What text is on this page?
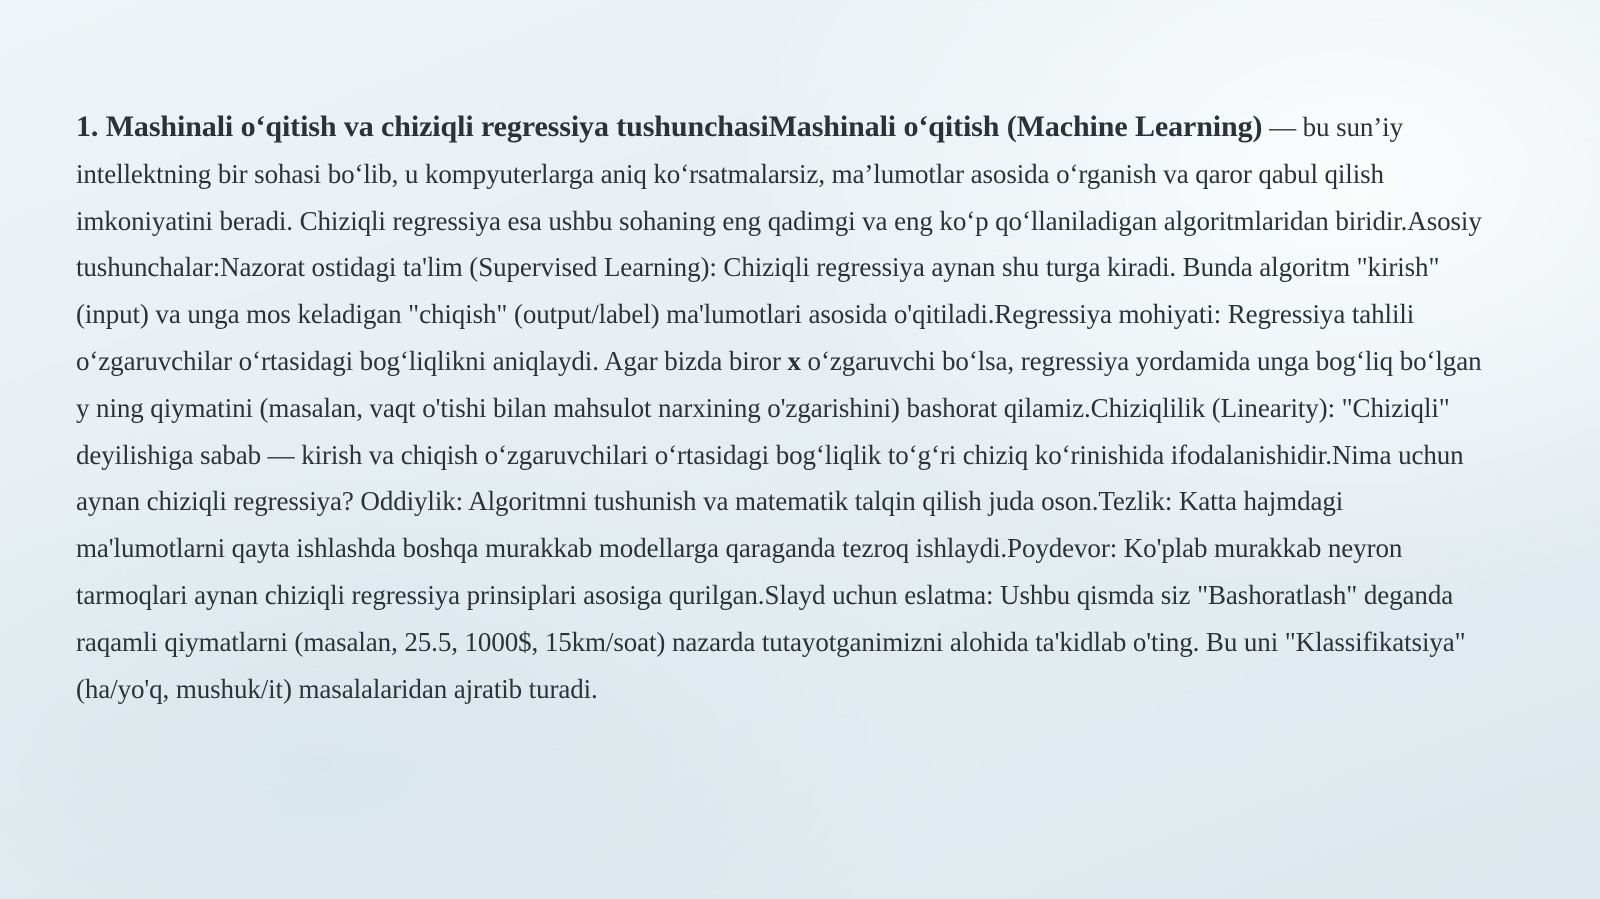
1. Mashinali o‘qitish va chiziqli regressiya tushunchasiMashinali o‘qitish (Machine Learning) — bu sun’iy intellektning bir sohasi bo‘lib, u kompyuterlarga aniq ko‘rsatmalarsiz, ma’lumotlar asosida o‘rganish va qaror qabul qilish imkoniyatini beradi. Chiziqli regressiya esa ushbu sohaning eng qadimgi va eng ko‘p qo‘llaniladigan algoritmlaridan biridir.Asosiy tushunchalar:Nazorat ostidagi ta'lim (Supervised Learning): Chiziqli regressiya aynan shu turga kiradi. Bunda algoritm "kirish" (input) va unga mos keladigan "chiqish" (output/label) ma'lumotlari asosida o'qitiladi.Regressiya mohiyati: Regressiya tahlili o‘zgaruvchilar o‘rtasidagi bog‘liqlikni aniqlaydi. Agar bizda biror x o‘zgaruvchi bo‘lsa, regressiya yordamida unga bog‘liq bo‘lgan y ning qiymatini (masalan, vaqt o'tishi bilan mahsulot narxining o'zgarishini) bashorat qilamiz.Chiziqlilik (Linearity): "Chiziqli" deyilishiga sabab — kirish va chiqish o‘zgaruvchilari o‘rtasidagi bog‘liqlik to‘g‘ri chiziq ko‘rinishida ifodalanishidir.Nima uchun aynan chiziqli regressiya? Oddiylik: Algoritmni tushunish va matematik talqin qilish juda oson.Tezlik: Katta hajmdagi ma'lumotlarni qayta ishlashda boshqa murakkab modellarga qaraganda tezroq ishlaydi.Poydevor: Ko'plab murakkab neyron tarmoqlari aynan chiziqli regressiya prinsiplari asosiga qurilgan.Slayd uchun eslatma: Ushbu qismda siz "Bashoratlash" deganda raqamli qiymatlarni (masalan, 25.5, 1000$, 15km/soat) nazarda tutayotganimizni alohida ta'kidlab o'ting. Bu uni "Klassifikatsiya" (ha/yo'q, mushuk/it) masalalaridan ajratib turadi.
